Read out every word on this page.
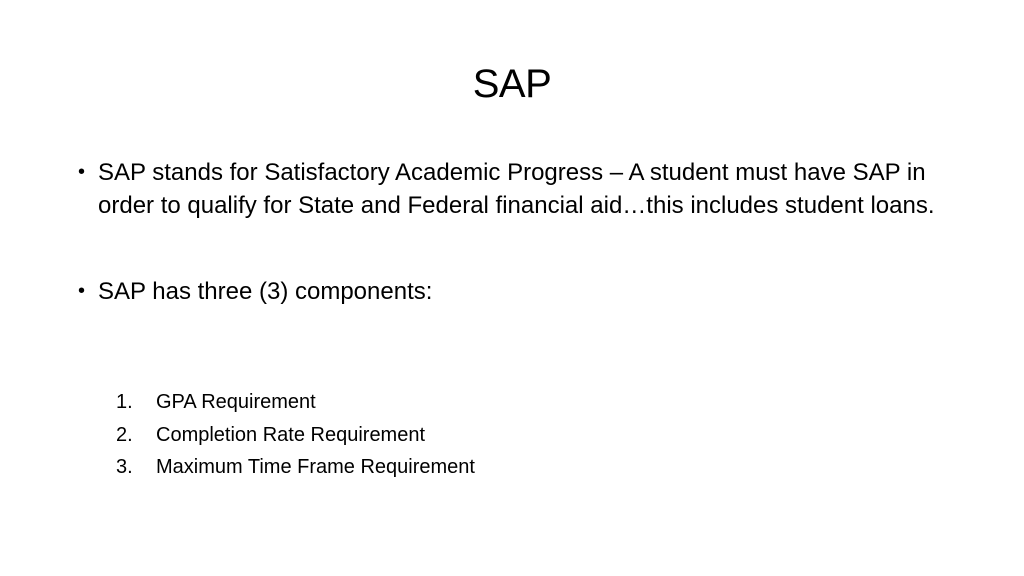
SAP
• SAP stands for Satisfactory Academic Progress – A student must have SAP in order to qualify for State and Federal financial aid…this includes student loans.
• SAP has three (3) components:
1. GPA Requirement
2. Completion Rate Requirement
3. Maximum Time Frame Requirement
